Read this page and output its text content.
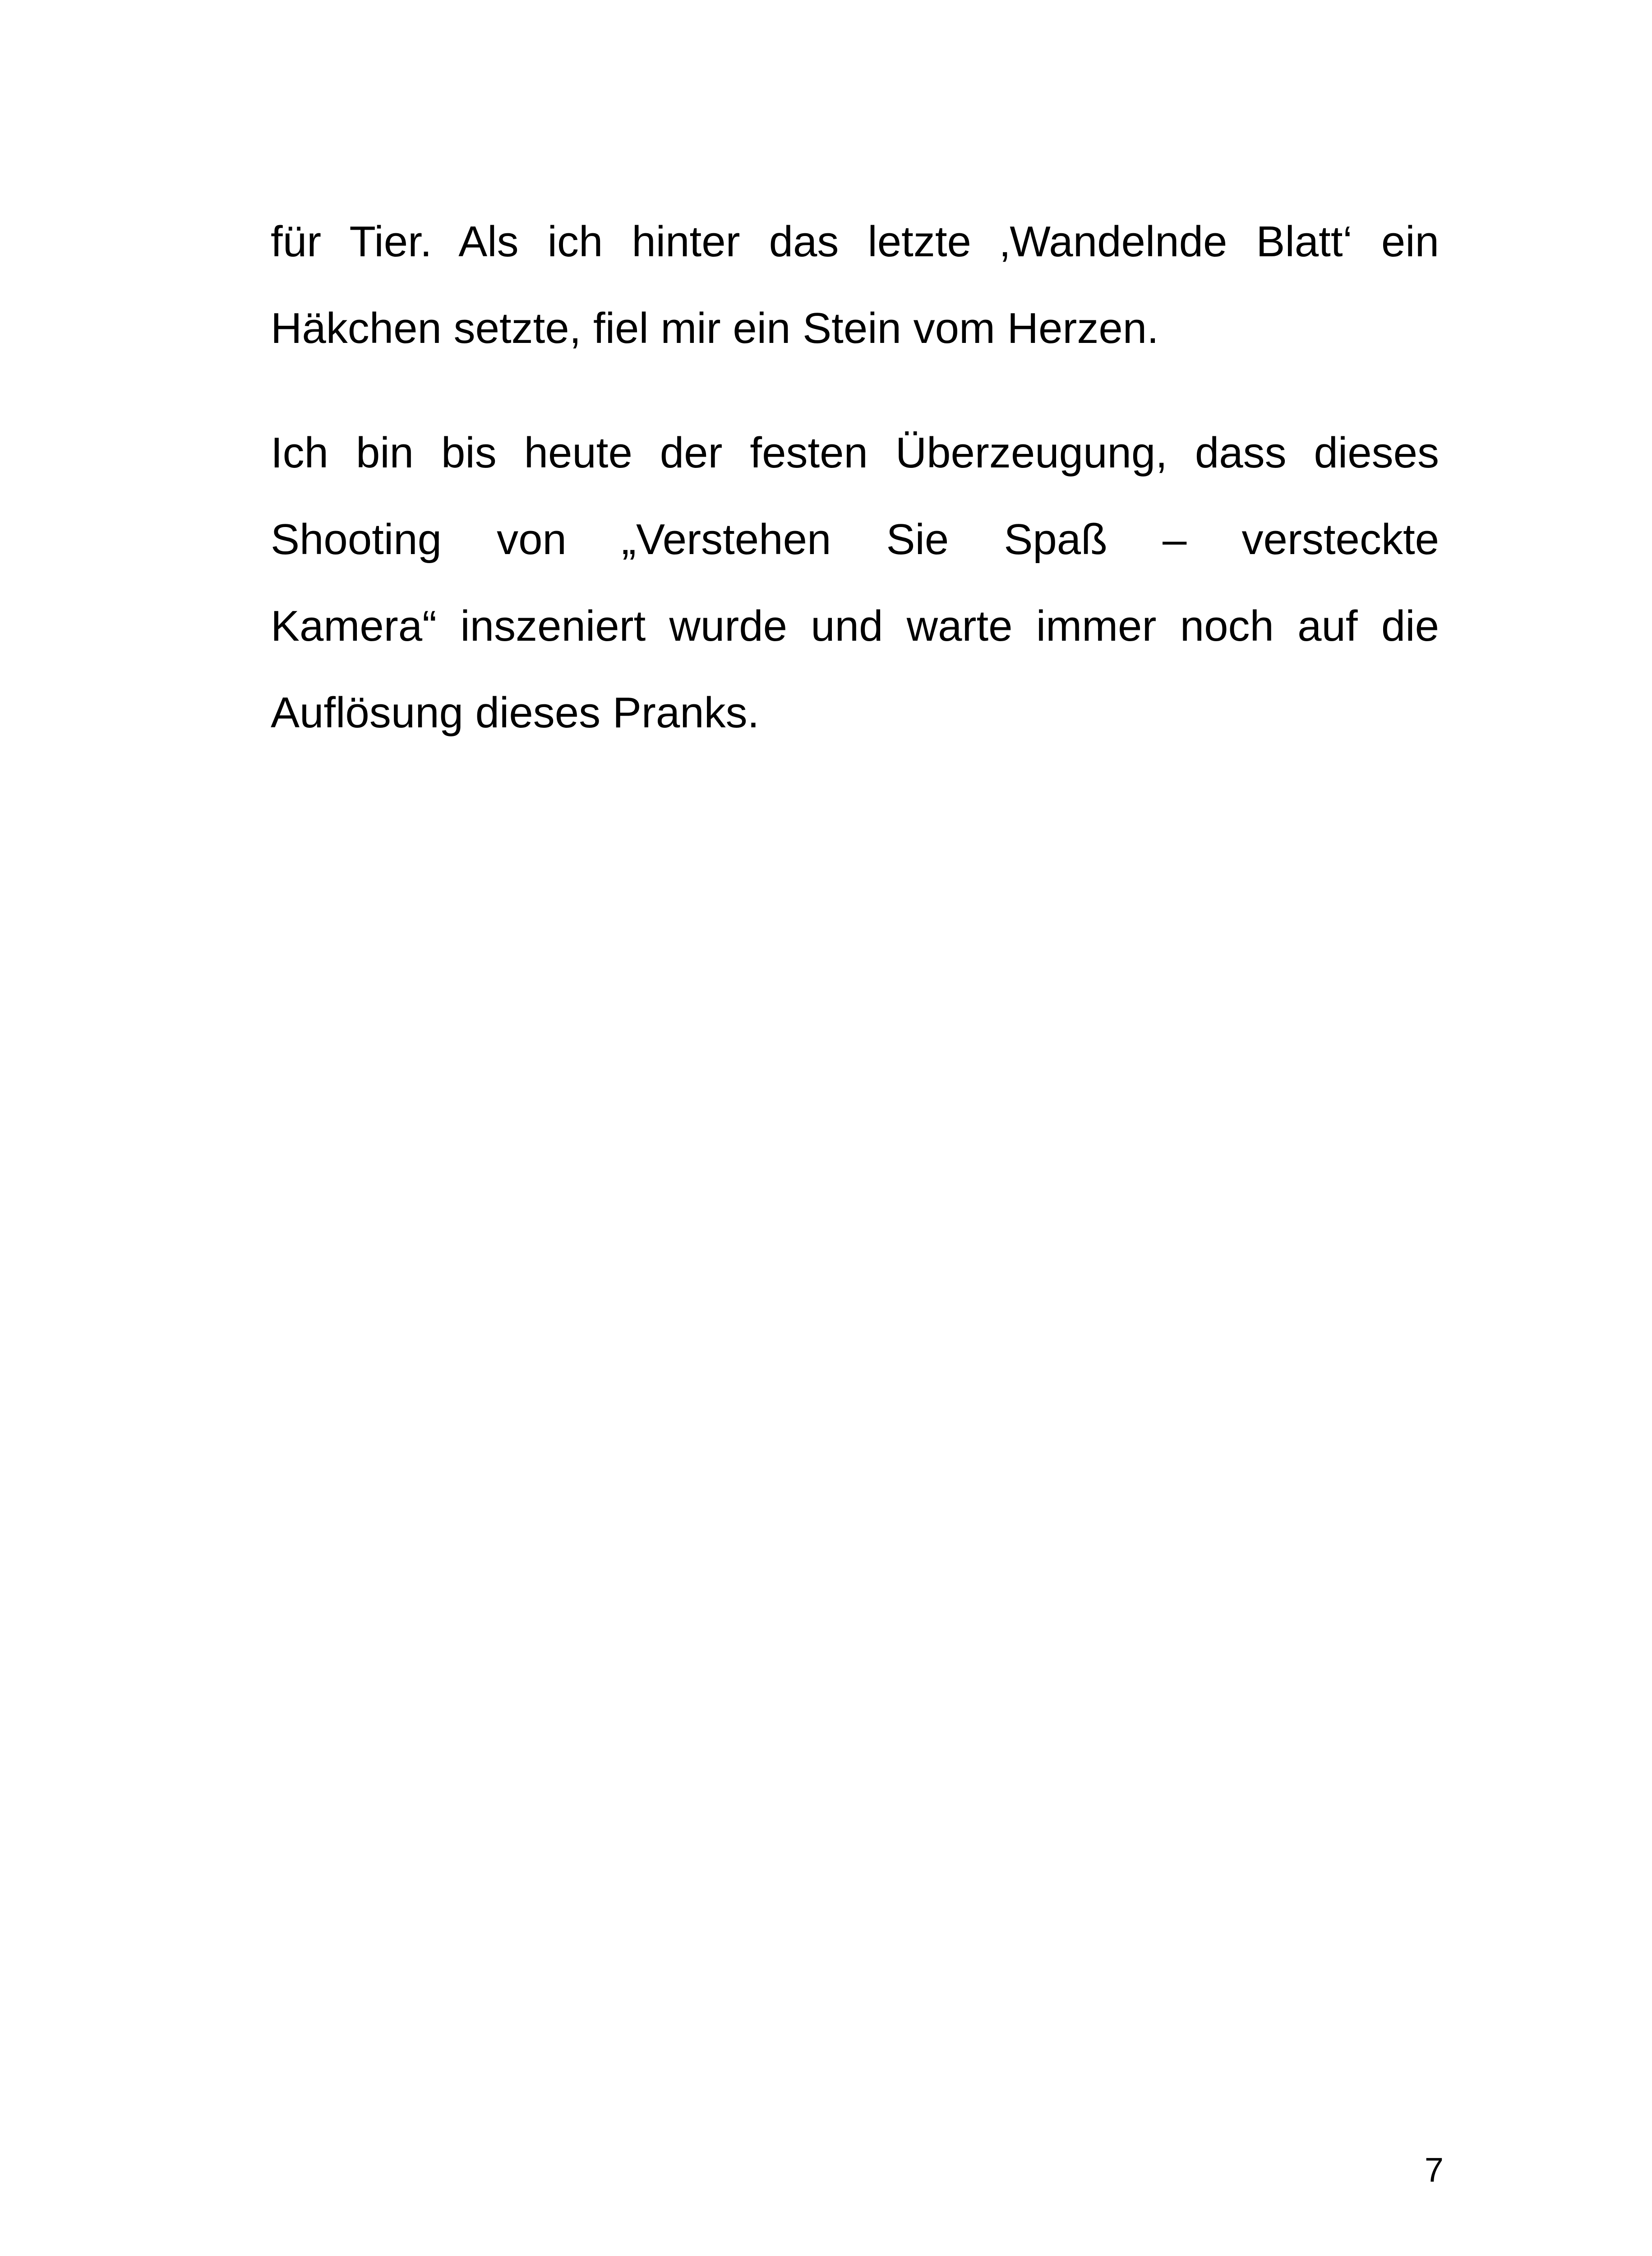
für Tier. Als ich hinter das letzte ‚Wandelnde Blatt‘ ein
Häkchen setzte, fiel mir ein Stein vom Herzen.
Ich bin bis heute der festen Überzeugung, dass dieses
Shooting von „Verstehen Sie Spaß – versteckte
Kamera“ inszeniert wurde und warte immer noch auf die
Auflösung dieses Pranks.
7
